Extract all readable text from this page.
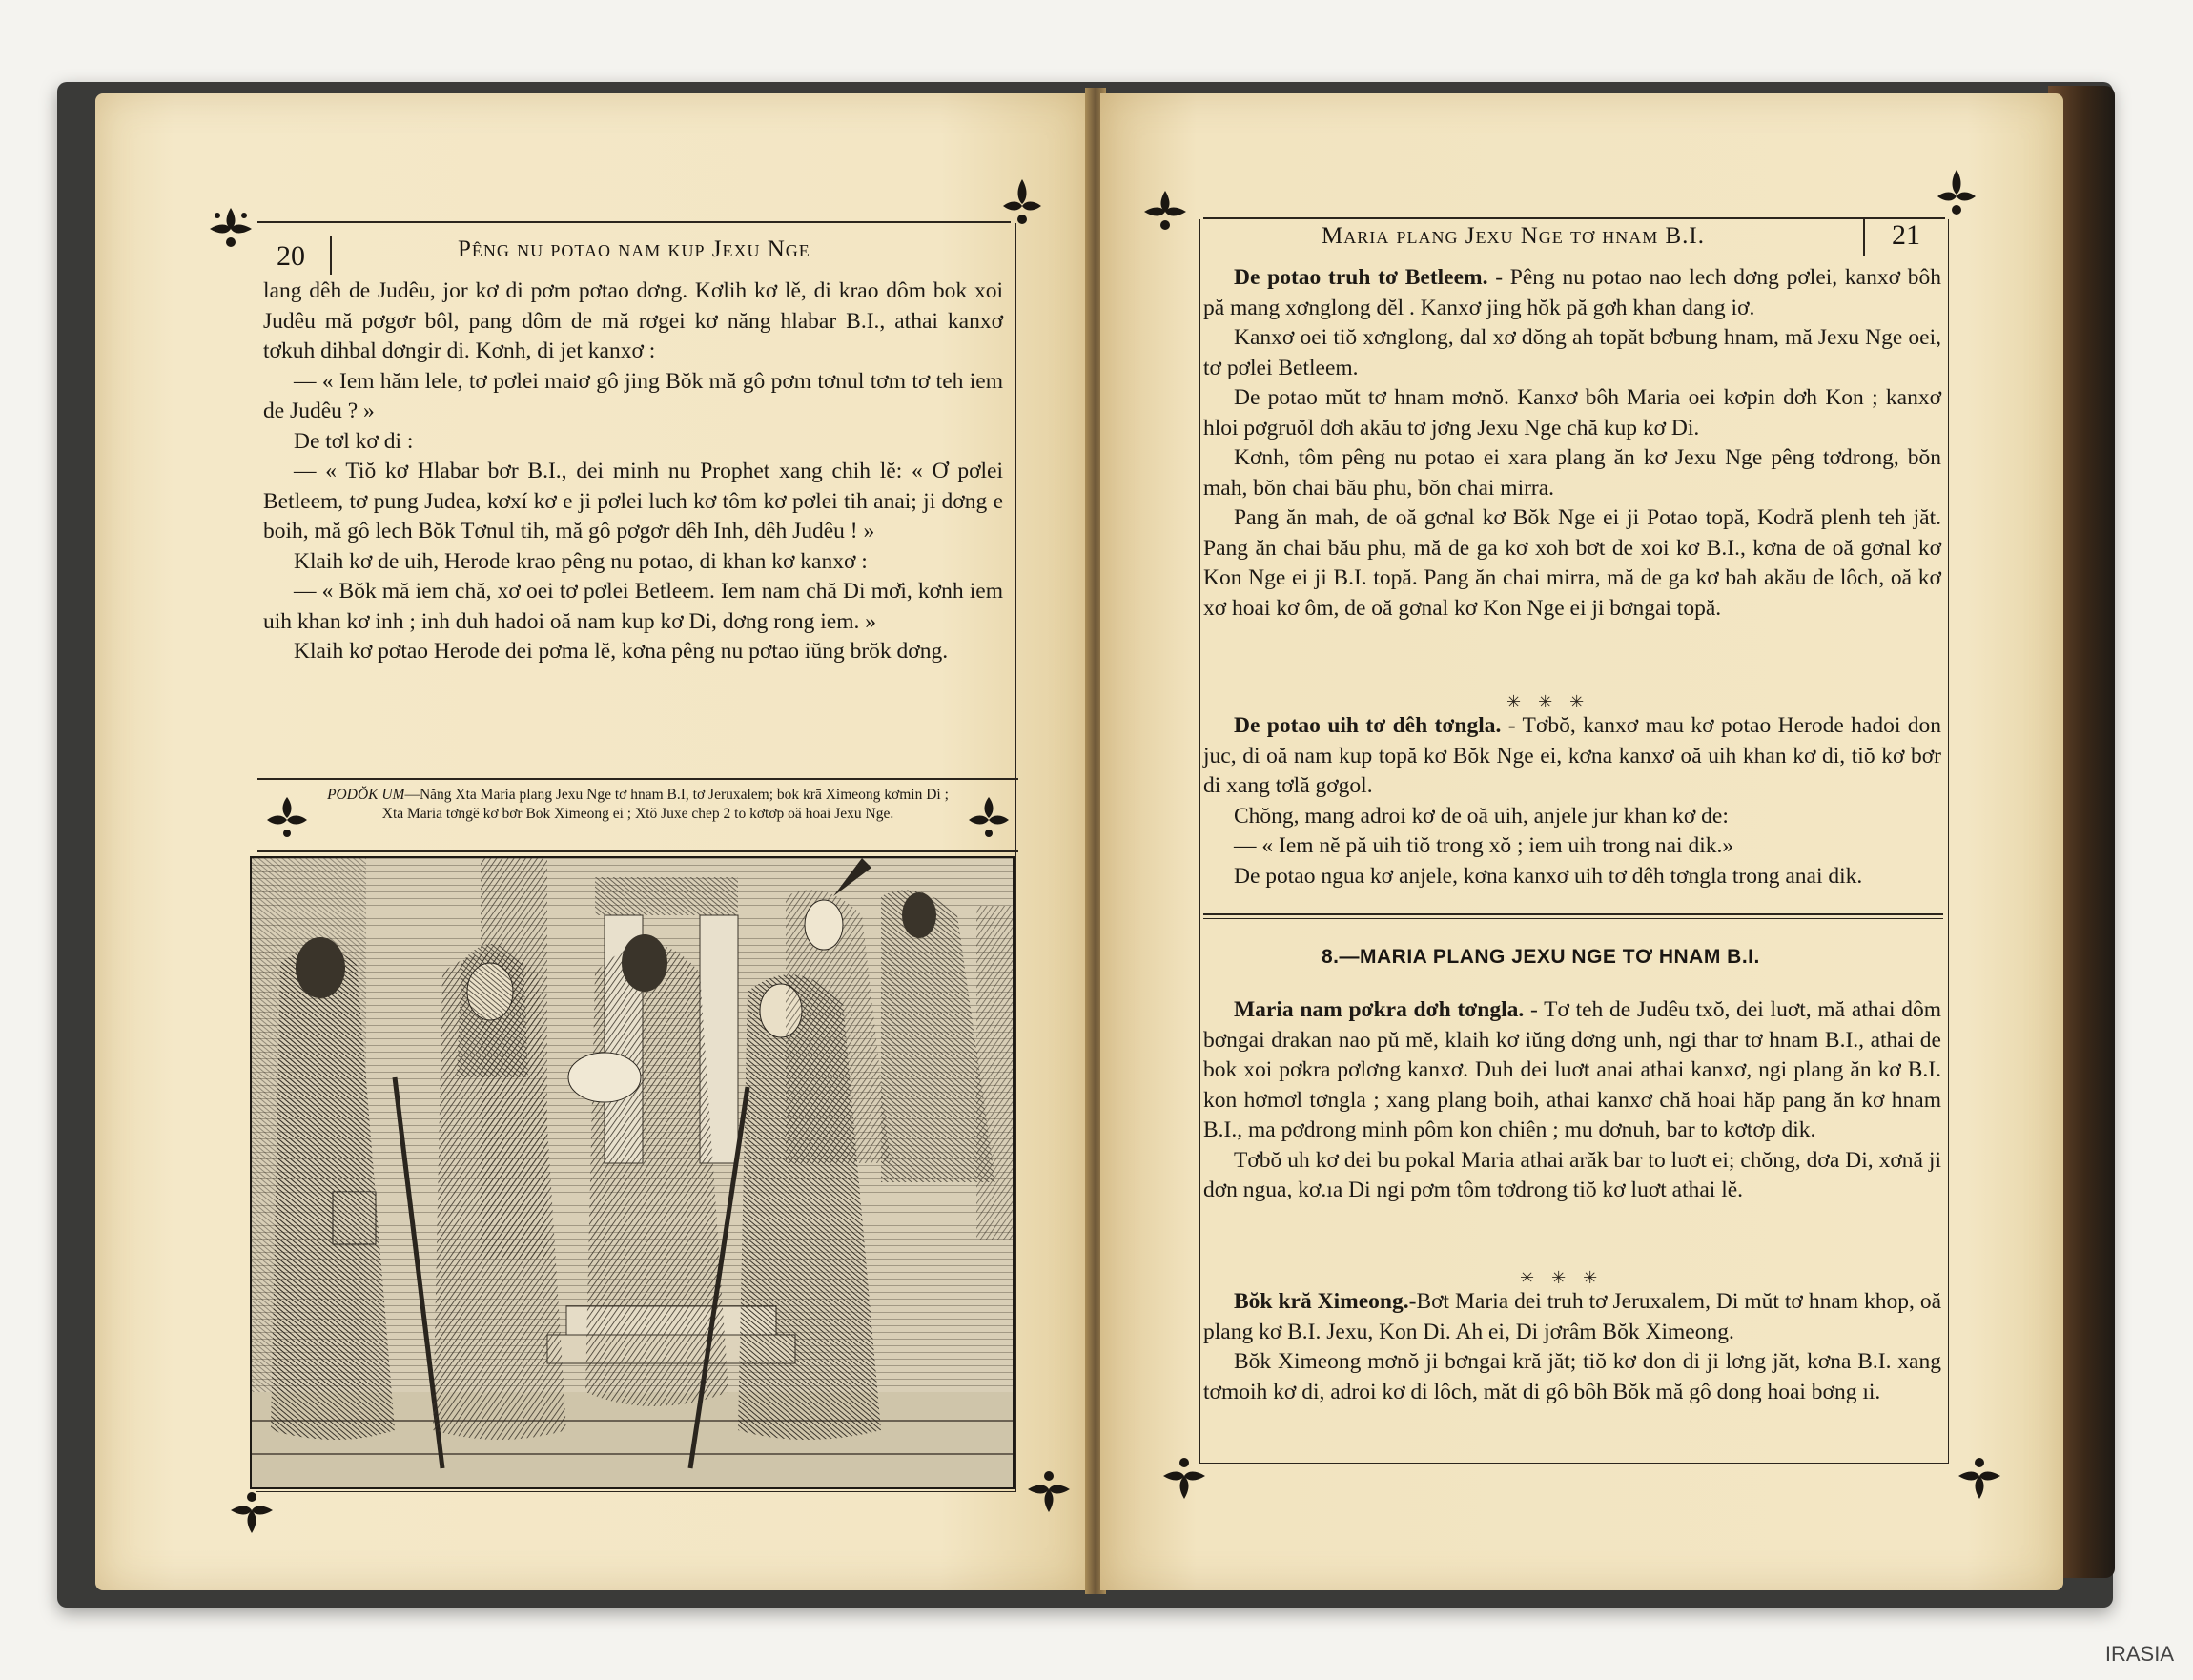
20	Pêng nu potao nam kup Jexu Nge

lang dêh de Judêu, jor kơ di pơm pơtao dơng. Kơlih kơ lě, di krao dôm bok xoi Judêu mă pơgơr bôl, pang dôm de mă rơgei kơ năng hlabar B.I., athai kanxơ tơkuh dihbal dơngir di. Kơnh, di jet kanxơ :

— « Iem hăm lele, tơ pơlei maiơ gô jing Bŏk mă gô pơm tơnul tơm tơ teh iem de Judêu ? »

De tơl kơ di :

— « Tiŏ kơ Hlabar bơr B.I., dei minh nu Prophet xang chih lĕ: « Ơ pơlei Betleem, tơ pung Judea, kơxí kơ e ji pơlei luch kơ tôm kơ pơlei tih anai; ji dơng e boih, mă gô lech Bŏk Tơnul tih, mă gô pơgơr dêh Inh, dêh Judêu ! »

Klaih kơ de uih, Herode krao pêng nu potao, di khan kơ kanxơ :

— « Bŏk mă iem chă, xơ oei tơ pơlei Betleem. Iem nam chă Di mơ̆i, kơnh iem uih khan kơ inh ; inh duh hadoi oă nam kup kơ Di, dơng rong iem. »

Klaih kơ pơtao Herode dei pơma lĕ, kơna pêng nu pơtao iŭng brŏk dơng.

PODŎK UM—Năng Xta Maria plang Jexu Nge tơ hnam B.I, tơ Jeruxalem; bok krā Ximeong kơmin Di ; Xta Maria tơngĕ kơ bơr Bok Ximeong ei ; Xtŏ Juxe chep 2 to kơtơp oă hoai Jexu Nge.
Maria plang Jexu Nge tơ hnam B.I.	21

De potao truh tơ Betleem. - Pêng nu potao nao lech dơng pơlei, kanxơ bôh pă mang xơnglong dĕl . Kanxơ jing hŏk pă gơh khan dang iơ.

Kanxơ oei tiŏ xơnglong, dal xơ dŏng ah topăt bơbung hnam, mă Jexu Nge oei, tơ pơlei Betleem.

De potao mŭt tơ hnam mơnŏ. Kanxơ bôh Maria oei kơpin dơh Kon ; kanxơ hloi pơgruŏl dơh akău tơ jơng Jexu Nge chă kup kơ Di.

Kơnh, tôm pêng nu potao ei xara plang ăn kơ Jexu Nge pêng tơdrong, bŏn mah, bŏn chai bău phu, bŏn chai mirra.

Pang ăn mah, de oă gơnal kơ Bŏk Nge ei ji Potao topă, Kodră plenh teh jăt. Pang ăn chai bău phu, mă de ga kơ xoh bơt de xoi kơ B.I., kơna de oă gơnal kơ Kon Nge ei ji B.I. topă. Pang ăn chai mirra, mă de ga kơ bah akău de lôch, oă kơ xơ hoai kơ ôm, de oă gơnal kơ Kon Nge ei ji bơngai topă.

✳✳✳

De potao uih tơ dêh tơngla. - Tơbŏ, kanxơ mau kơ potao Herode hadoi don juc, di oă nam kup topă kơ Bŏk Nge ei, kơna kanxơ oă uih khan kơ di, tiŏ kơ bơr di xang tơlă gơgol.

Chŏng, mang adroi kơ de oă uih, anjele jur khan kơ de:

— « Iem nĕ pă uih tiŏ trong xŏ ; iem uih trong nai dik.»

De potao ngua kơ anjele, kơna kanxơ uih tơ dêh tơngla trong anai dik.

8.—MARIA PLANG JEXU NGE TƠ HNAM B.I.

Maria nam pơkra dơh tơngla. - Tơ teh de Judêu txŏ, dei luơt, mă athai dôm bơngai drakan nao pŭ mĕ, klaih kơ iŭng dơng unh, ngi thar tơ hnam B.I., athai de bok xoi pơkra pơlơng kanxơ. Duh dei luơt anai athai kanxơ, ngi plang ăn kơ B.I. kon hơmơl tơngla ; xang plang boih, athai kanxơ chă hoai hăp pang ăn kơ hnam B.I., ma pơdrong minh pôm kon chiên ; mu dơnuh, bar to kơtơp dik.

Tơbŏ uh kơ dei bu pokal Maria athai arăk bar to luơt ei; chŏng, dơa Di, xơnă ji dơn ngua, kơ.ıa Di ngi pơm tôm tơdrong tiŏ kơ luơt athai lĕ.

✳✳✳

Bŏk kră Ximeong.-Bơt Maria dei truh tơ Jeruxalem, Di mŭt tơ hnam khop, oă plang kơ B.I. Jexu, Kon Di. Ah ei, Di jơrâm Bŏk Ximeong.

Bŏk Ximeong mơnŏ ji bơngai kră jăt; tiŏ kơ don di ji lơng jăt, kơna B.I. xang tơmoih kơ di, adroi kơ di lôch, măt di gô bôh Bŏk mă gô dong hoai bơng ıi.

IRASIA
